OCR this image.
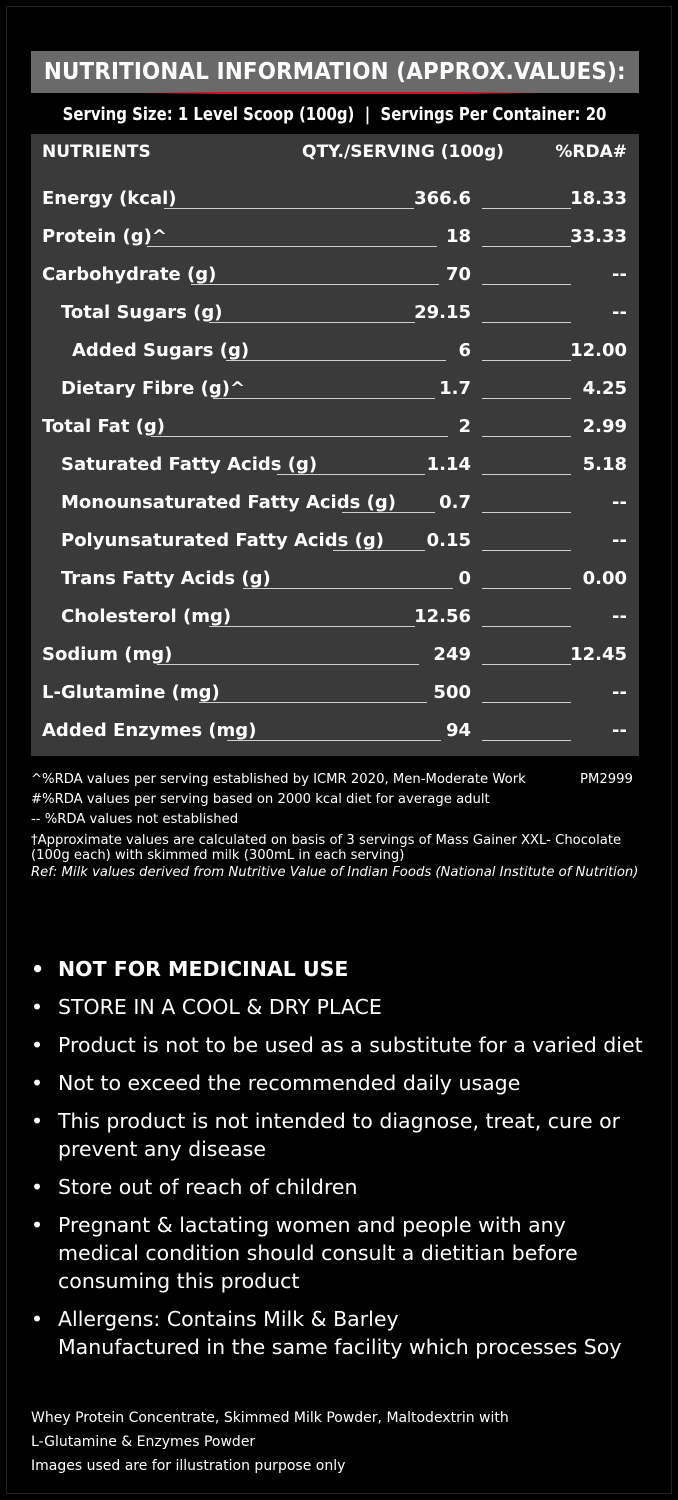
NUTRITIONAL INFORMATION (APPROX.VALUES):
Serving Size: 1 Level Scoop (100g)  |  Servings Per Container: 20
NUTRIENTS	QTY./SERVING (100g)	%RDA#
Energy (kcal)	366.6	18.33
Protein (g)^	18	33.33
Carbohydrate (g)	70	--
Total Sugars (g)	29.15	--
Added Sugars (g)	6	12.00
Dietary Fibre (g)^	1.7	4.25
Total Fat (g)	2	2.99
Saturated Fatty Acids (g)	1.14	5.18
Monounsaturated Fatty Acids (g) 0.7	--
Polyunsaturated Fatty Acids (g) 0.15	--
Trans Fatty Acids (g)	0	0.00
Cholesterol (mg)	12.56	--
Sodium (mg)	249	12.45
L-Glutamine (mg)	500	--
Added Enzymes (mg)	94	--
^%RDA values per serving established by ICMR 2020, Men-Moderate Work
#%RDA values per serving based on 2000 kcal diet for average adult
-- %RDA values not established
†Approximate values are calculated on basis of 3 servings of Mass Gainer XXL- Chocolate
(100g each) with skimmed milk (300mL in each serving)
Ref: Milk values derived from Nutritive Value of Indian Foods (National Institute of Nutrition)
PM2999
• NOT FOR MEDICINAL USE
• STORE IN A COOL & DRY PLACE
• Product is not to be used as a substitute for a varied diet
• Not to exceed the recommended daily usage
• This product is not intended to diagnose, treat, cure or prevent any disease
• Store out of reach of children
• Pregnant & lactating women and people with any medical condition should consult a dietitian before consuming this product
• Allergens: Contains Milk & Barley
Manufactured in the same facility which processes Soy
Whey Protein Concentrate, Skimmed Milk Powder, Maltodextrin with
L-Glutamine & Enzymes Powder
Images used are for illustration purpose only
